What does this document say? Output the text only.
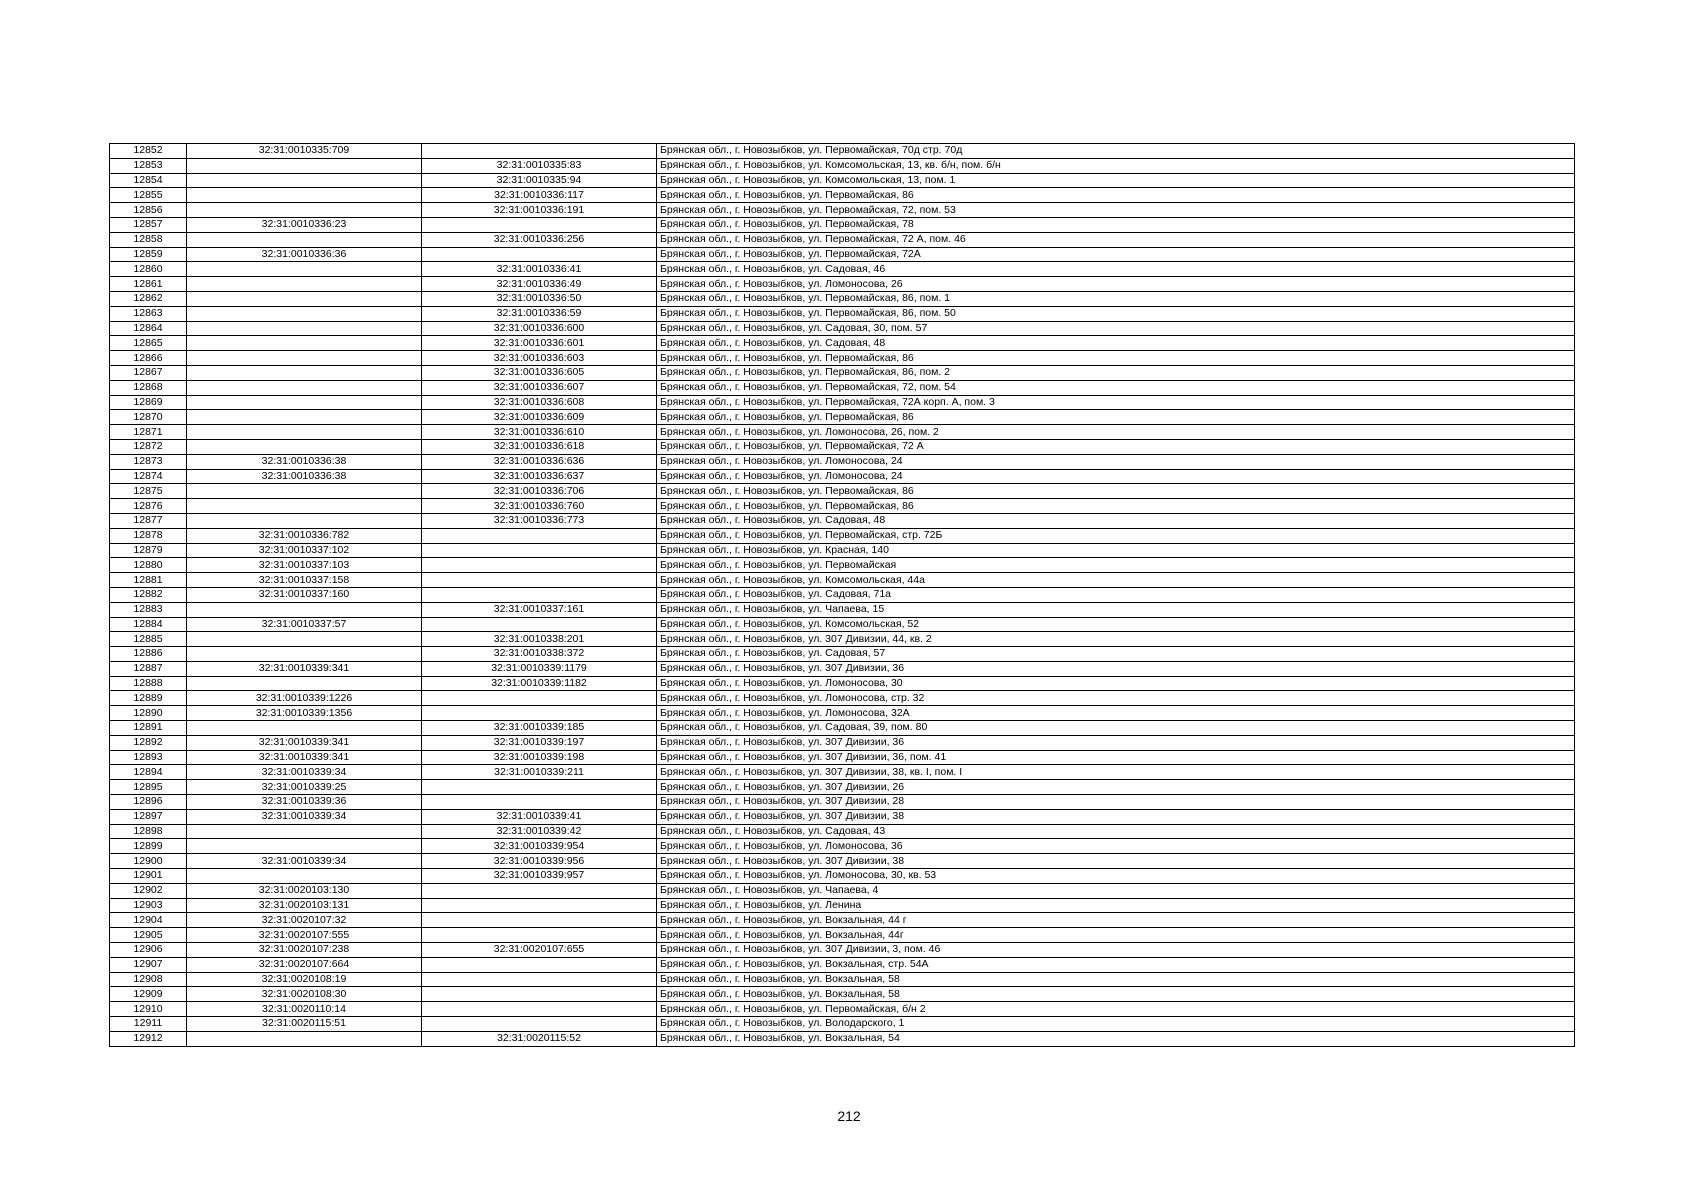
12852	32:31:0010335:709		Брянская обл., г. Новозыбков, ул. Первомайская, 70д стр. 70д
12853		32:31:0010335:83	Брянская обл., г. Новозыбков, ул. Комсомольская, 13, кв. б/н, пом. б/н
12854		32:31:0010335:94	Брянская обл., г. Новозыбков, ул. Комсомольская, 13, пом. 1
12855		32:31:0010336:117	Брянская обл., г. Новозыбков, ул. Первомайская, 86
12856		32:31:0010336:191	Брянская обл., г. Новозыбков, ул. Первомайская, 72, пом. 53
12857	32:31:0010336:23		Брянская обл., г. Новозыбков, ул. Первомайская, 78
12858		32:31:0010336:256	Брянская обл., г. Новозыбков, ул. Первомайская, 72 А, пом. 46
12859	32:31:0010336:36		Брянская обл., г. Новозыбков, ул. Первомайская, 72А
12860		32:31:0010336:41	Брянская обл., г. Новозыбков, ул. Садовая, 46
12861		32:31:0010336:49	Брянская обл., г. Новозыбков, ул. Ломоносова, 26
12862		32:31:0010336:50	Брянская обл., г. Новозыбков, ул. Первомайская, 86, пом. 1
12863		32:31:0010336:59	Брянская обл., г. Новозыбков, ул. Первомайская, 86, пом. 50
12864		32:31:0010336:600	Брянская обл., г. Новозыбков, ул. Садовая, 30, пом. 57
12865		32:31:0010336:601	Брянская обл., г. Новозыбков, ул. Садовая, 48
12866		32:31:0010336:603	Брянская обл., г. Новозыбков, ул. Первомайская, 86
12867		32:31:0010336:605	Брянская обл., г. Новозыбков, ул. Первомайская, 86, пом. 2
12868		32:31:0010336:607	Брянская обл., г. Новозыбков, ул. Первомайская, 72, пом. 54
12869		32:31:0010336:608	Брянская обл., г. Новозыбков, ул. Первомайская, 72А корп. А, пом. 3
12870		32:31:0010336:609	Брянская обл., г. Новозыбков, ул. Первомайская, 86
12871		32:31:0010336:610	Брянская обл., г. Новозыбков, ул. Ломоносова, 26, пом. 2
12872		32:31:0010336:618	Брянская обл., г. Новозыбков, ул. Первомайская, 72 А
12873	32:31:0010336:38	32:31:0010336:636	Брянская обл., г. Новозыбков, ул. Ломоносова, 24
12874	32:31:0010336:38	32:31:0010336:637	Брянская обл., г. Новозыбков, ул. Ломоносова, 24
12875		32:31:0010336:706	Брянская обл., г. Новозыбков, ул. Первомайская, 86
12876		32:31:0010336:760	Брянская обл., г. Новозыбков, ул. Первомайская, 86
12877		32:31:0010336:773	Брянская обл., г. Новозыбков, ул. Садовая, 48
12878	32:31:0010336:782		Брянская обл., г. Новозыбков, ул. Первомайская, стр. 72Б
12879	32:31:0010337:102		Брянская обл., г. Новозыбков, ул. Красная, 140
12880	32:31:0010337:103		Брянская обл., г. Новозыбков, ул. Первомайская
12881	32:31:0010337:158		Брянская обл., г. Новозыбков, ул. Комсомольская, 44а
12882	32:31:0010337:160		Брянская обл., г. Новозыбков, ул. Садовая, 71а
12883		32:31:0010337:161	Брянская обл., г. Новозыбков, ул. Чапаева, 15
12884	32:31:0010337:57		Брянская обл., г. Новозыбков, ул. Комсомольская, 52
12885		32:31:0010338:201	Брянская обл., г. Новозыбков, ул. 307 Дивизии, 44, кв. 2
12886		32:31:0010338:372	Брянская обл., г. Новозыбков, ул. Садовая, 57
12887	32:31:0010339:341	32:31:0010339:1179	Брянская обл., г. Новозыбков, ул. 307 Дивизии, 36
12888		32:31:0010339:1182	Брянская обл., г. Новозыбков, ул. Ломоносова, 30
12889	32:31:0010339:1226		Брянская обл., г. Новозыбков, ул. Ломоносова, стр. 32
12890	32:31:0010339:1356		Брянская обл., г. Новозыбков, ул. Ломоносова, 32А
12891		32:31:0010339:185	Брянская обл., г. Новозыбков, ул. Садовая, 39, пом. 80
12892	32:31:0010339:341	32:31:0010339:197	Брянская обл., г. Новозыбков, ул. 307 Дивизии, 36
12893	32:31:0010339:341	32:31:0010339:198	Брянская обл., г. Новозыбков, ул. 307 Дивизии, 36, пом. 41
12894	32:31:0010339:34	32:31:0010339:211	Брянская обл., г. Новозыбков, ул. 307 Дивизии, 38, кв. I, пом. I
12895	32:31:0010339:25		Брянская обл., г. Новозыбков, ул. 307 Дивизии, 26
12896	32:31:0010339:36		Брянская обл., г. Новозыбков, ул. 307 Дивизии, 28
12897	32:31:0010339:34	32:31:0010339:41	Брянская обл., г. Новозыбков, ул. 307 Дивизии, 38
12898		32:31:0010339:42	Брянская обл., г. Новозыбков, ул. Садовая, 43
12899		32:31:0010339:954	Брянская обл., г. Новозыбков, ул. Ломоносова, 36
12900	32:31:0010339:34	32:31:0010339:956	Брянская обл., г. Новозыбков, ул. 307 Дивизии, 38
12901		32:31:0010339:957	Брянская обл., г. Новозыбков, ул. Ломоносова, 30, кв. 53
12902	32:31:0020103:130		Брянская обл., г. Новозыбков, ул. Чапаева, 4
12903	32:31:0020103:131		Брянская обл., г. Новозыбков, ул. Ленина
12904	32:31:0020107:32		Брянская обл., г. Новозыбков, ул. Вокзальная, 44 г
12905	32:31:0020107:555		Брянская обл., г. Новозыбков, ул. Вокзальная, 44г
12906	32:31:0020107:238	32:31:0020107:655	Брянская обл., г. Новозыбков, ул. 307 Дивизии, 3, пом. 46
12907	32:31:0020107:664		Брянская обл., г. Новозыбков, ул. Вокзальная, стр. 54А
12908	32:31:0020108:19		Брянская обл., г. Новозыбков, ул. Вокзальная, 58
12909	32:31:0020108:30		Брянская обл., г. Новозыбков, ул. Вокзальная, 58
12910	32:31:0020110:14		Брянская обл., г. Новозыбков, ул. Первомайская, б/н 2
12911	32:31:0020115:51		Брянская обл., г. Новозыбков, ул. Володарского, 1
12912		32:31:0020115:52	Брянская обл., г. Новозыбков, ул. Вокзальная, 54
212
